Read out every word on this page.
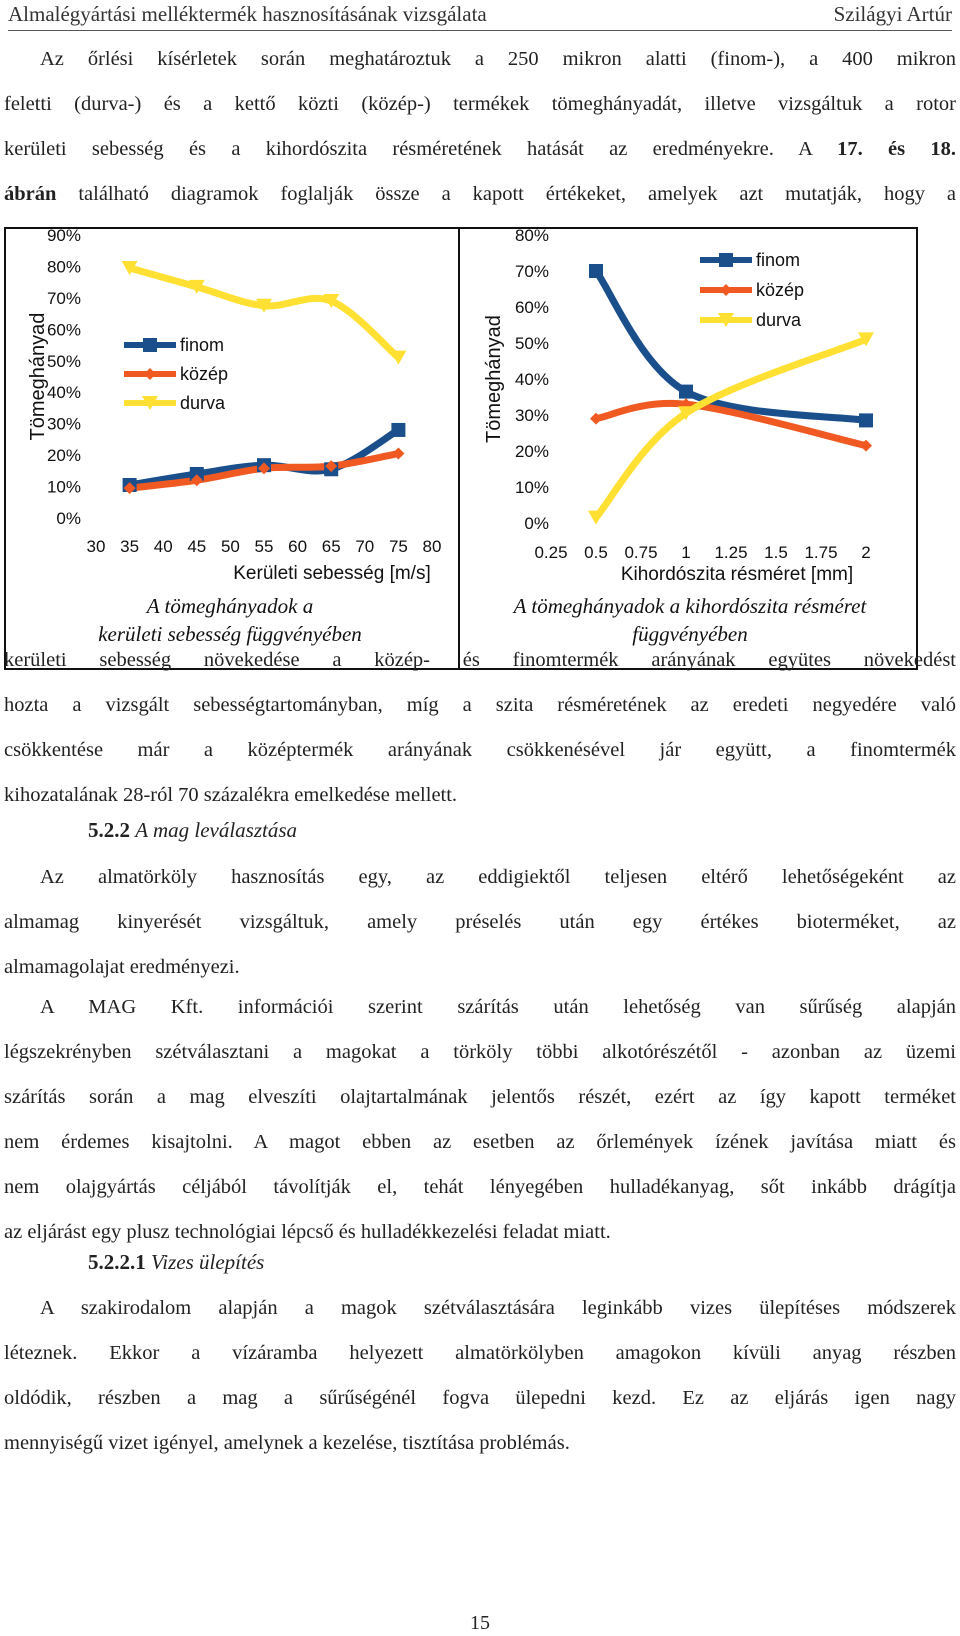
Almalégyártási melléktermék hasznosításának vizsgálata	Szilágyi Artúr
Az őrlési kísérletek során meghatároztuk a 250 mikron alatti (finom-), a 400 mikron
feletti (durva-) és a kettő közti (közép-) termékek tömeghányadát, illetve vizsgáltuk a rotor
kerületi sebesség és a kihordószita résméretének hatását az eredményekre. A 17. és 18.
ábrán található diagramok foglalják össze a kapott értékeket, amelyek azt mutatják, hogy a
0%
10%
20%
30%
40%
50%
60%
70%
80%
90%
Tömeghányad
30 35 40 45 50 55 60 65 70 75 80
Kerületi sebesség [m/s]
finom
közép
durva
A tömeghányadok a
kerületi sebesség függvényében
0%
10%
20%
30%
40%
50%
60%
70%
80%
Tömeghányad
0.25 0.5 0.75 1 1.25 1.5 1.75 2
Kihordószita résméret [mm]
finom
közép
durva
A tömeghányadok a kihordószita résméret
függvényében
kerületi sebesség növekedése a közép- és finomtermék arányának együtes növekedést
hozta a vizsgált sebességtartományban, míg a szita résméretének az eredeti negyedére való
csökkentése már a középtermék arányának csökkenésével jár együtt, a finomtermék
kihozatalának 28-ról 70 százalékra emelkedése mellett.
5.2.2 A mag leválasztása
Az almatörköly hasznosítás egy, az eddigiektől teljesen eltérő lehetőségeként az
almamag kinyerését vizsgáltuk, amely préselés után egy értékes bioterméket, az
almamagolajat eredményezi.
A MAG Kft. információi szerint szárítás után lehetőség van sűrűség alapján
légszekrényben szétválasztani a magokat a törköly többi alkotórészétől - azonban az üzemi
szárítás során a mag elveszíti olajtartalmának jelentős részét, ezért az így kapott terméket
nem érdemes kisajtolni. A magot ebben az esetben az őrlemények ízének javítása miatt és
nem olajgyártás céljából távolítják el, tehát lényegében hulladékanyag, sőt inkább drágítja
az eljárást egy plusz technológiai lépcső és hulladékkezelési feladat miatt.
5.2.2.1 Vizes ülepítés
A szakirodalom alapján a magok szétválasztására leginkább vizes ülepítéses módszerek
léteznek. Ekkor a vízáramba helyezett almatörkölyben amagokon kívüli anyag részben
oldódik, részben a mag a sűrűségénél fogva ülepedni kezd. Ez az eljárás igen nagy
mennyiségű vizet igényel, amelynek a kezelése, tisztítása problémás.
15
